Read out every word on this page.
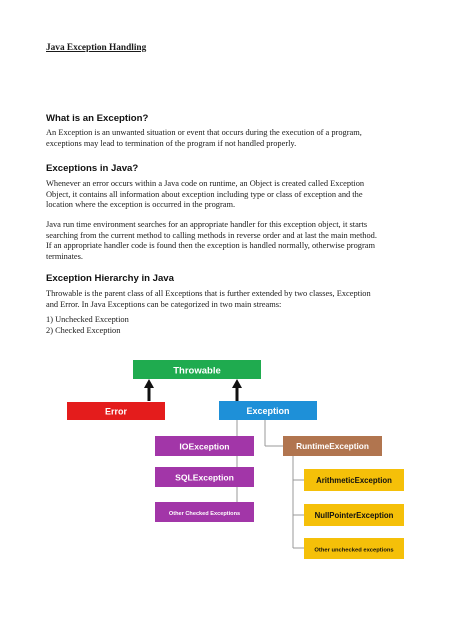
Java Exception Handling
What is an Exception?

An Exception is an unwanted situation or event that occurs during the execution of a program,

exceptions may lead to termination of the program if not handled properly.

Exceptions in Java?

Whenever an error occurs within a Java code on runtime, an Object is created called Exception

Object, it contains all information about exception including type or class of exception and the

location where the exception is occurred in the program.

Java run time environment searches for an appropriate handler for this exception object, it starts

searching from the current method to calling methods in reverse order and at last the main method.

If an appropriate handler code is found then the exception is handled normally, otherwise program

terminates.

Exception Hierarchy in Java

Throwable is the parent class of all Exceptions that is further extended by two classes, Exception

and Error. In Java Exceptions can be categorized in two main streams:

1) Unchecked Exception

2) Checked Exception

Throwable
Error	Exception
IOException
SQLException
Other Checked Exceptions
RuntimeException
ArithmeticException
NullPointerException
Other unchecked exceptions
